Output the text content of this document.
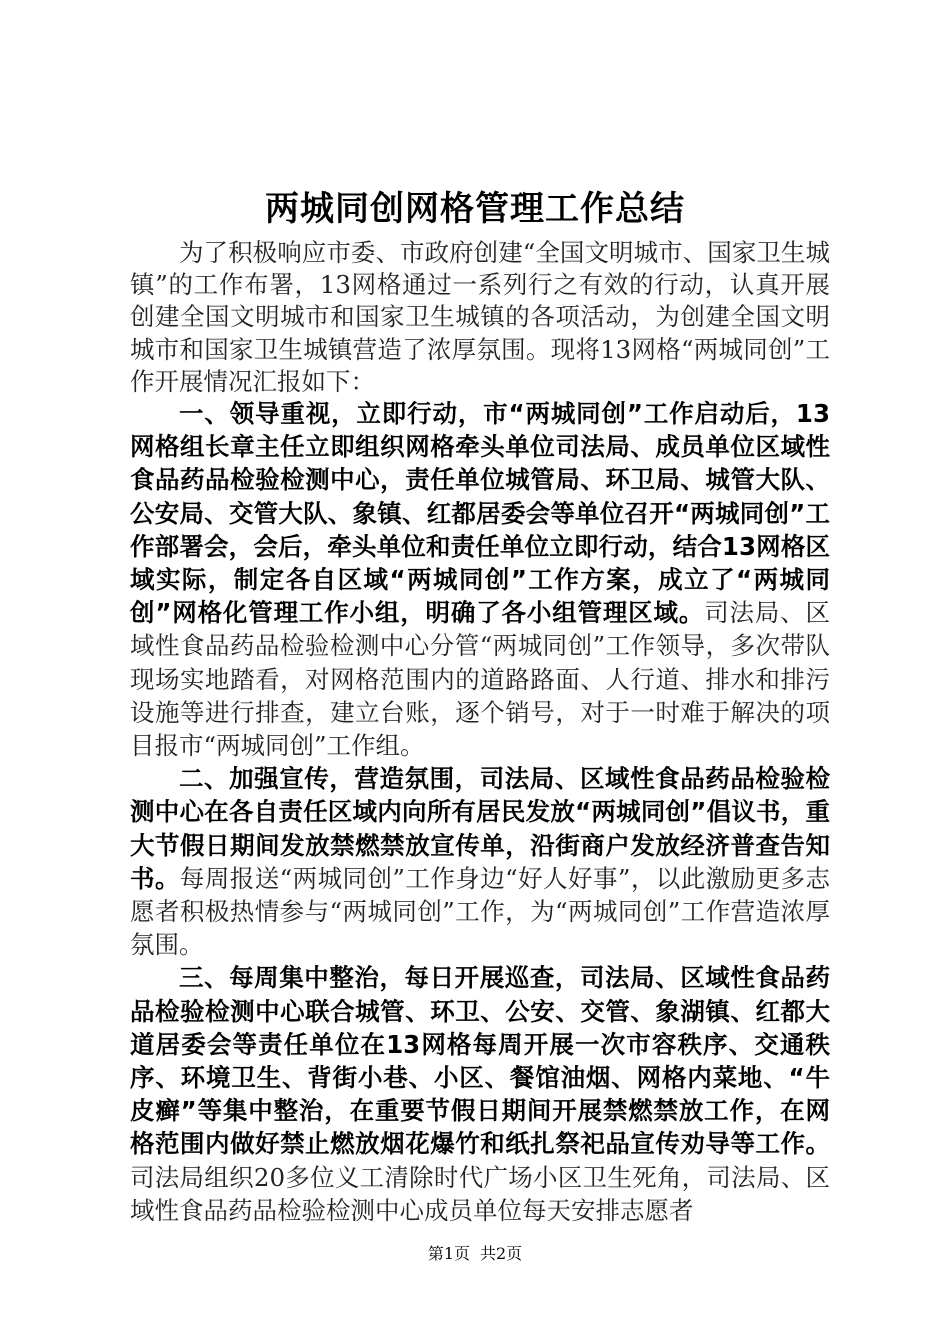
两城同创网格管理工作总结

为了积极响应市委、市政府创建“全国文明城市、国家卫生城镇”的工作布署，13网格通过一系列行之有效的行动，认真开展创建全国文明城市和国家卫生城镇的各项活动，为创建全国文明城市和国家卫生城镇营造了浓厚氛围。现将13网格“两城同创”工作开展情况汇报如下：

一、领导重视，立即行动，市“两城同创”工作启动后，13网格组长章主任立即组织网格牵头单位司法局、成员单位区域性食品药品检验检测中心，责任单位城管局、环卫局、城管大队、公安局、交管大队、象镇、红都居委会等单位召开“两城同创”工作部署会，会后，牵头单位和责任单位立即行动，结合13网格区域实际，制定各自区域“两城同创”工作方案，成立了“两城同创”网格化管理工作小组，明确了各小组管理区域。司法局、区域性食品药品检验检测中心分管“两城同创”工作领导，多次带队现场实地踏看，对网格范围内的道路路面、人行道、排水和排污设施等进行排查，建立台账，逐个销号，对于一时难于解决的项目报市“两城同创”工作组。

二、加强宣传，营造氛围，司法局、区域性食品药品检验检测中心在各自责任区域内向所有居民发放“两城同创”倡议书，重大节假日期间发放禁燃禁放宣传单，沿街商户发放经济普查告知书。每周报送“两城同创”工作身边“好人好事”，以此激励更多志愿者积极热情参与“两城同创”工作，为“两城同创”工作营造浓厚氛围。

三、每周集中整治，每日开展巡查，司法局、区域性食品药品检验检测中心联合城管、环卫、公安、交管、象湖镇、红都大道居委会等责任单位在13网格每周开展一次市容秩序、交通秩序、环境卫生、背街小巷、小区、餐馆油烟、网格内菜地、“牛皮癣”等集中整治，在重要节假日期间开展禁燃禁放工作，在网格范围内做好禁止燃放烟花爆竹和纸扎祭祀品宣传劝导等工作。司法局组织20多位义工清除时代广场小区卫生死角，司法局、区域性食品药品检验检测中心成员单位每天安排志愿者

第1页 共2页
